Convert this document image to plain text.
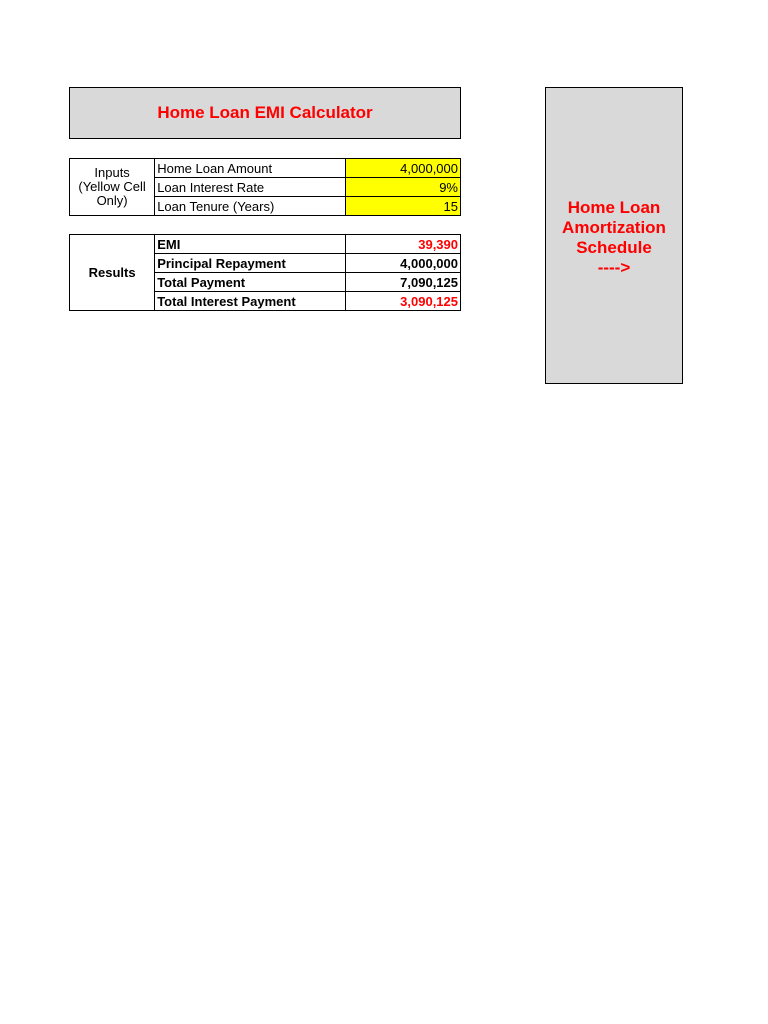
Home Loan EMI Calculator
Inputs
(Yellow Cell
Only)	Home Loan Amount	4,000,000
	Loan Interest Rate	9%
	Loan Tenure (Years)	15
Results	EMI	39,390
	Principal Repayment	4,000,000
	Total Payment	7,090,125
	Total Interest Payment	3,090,125
Home Loan
Amortization
Schedule
---->
